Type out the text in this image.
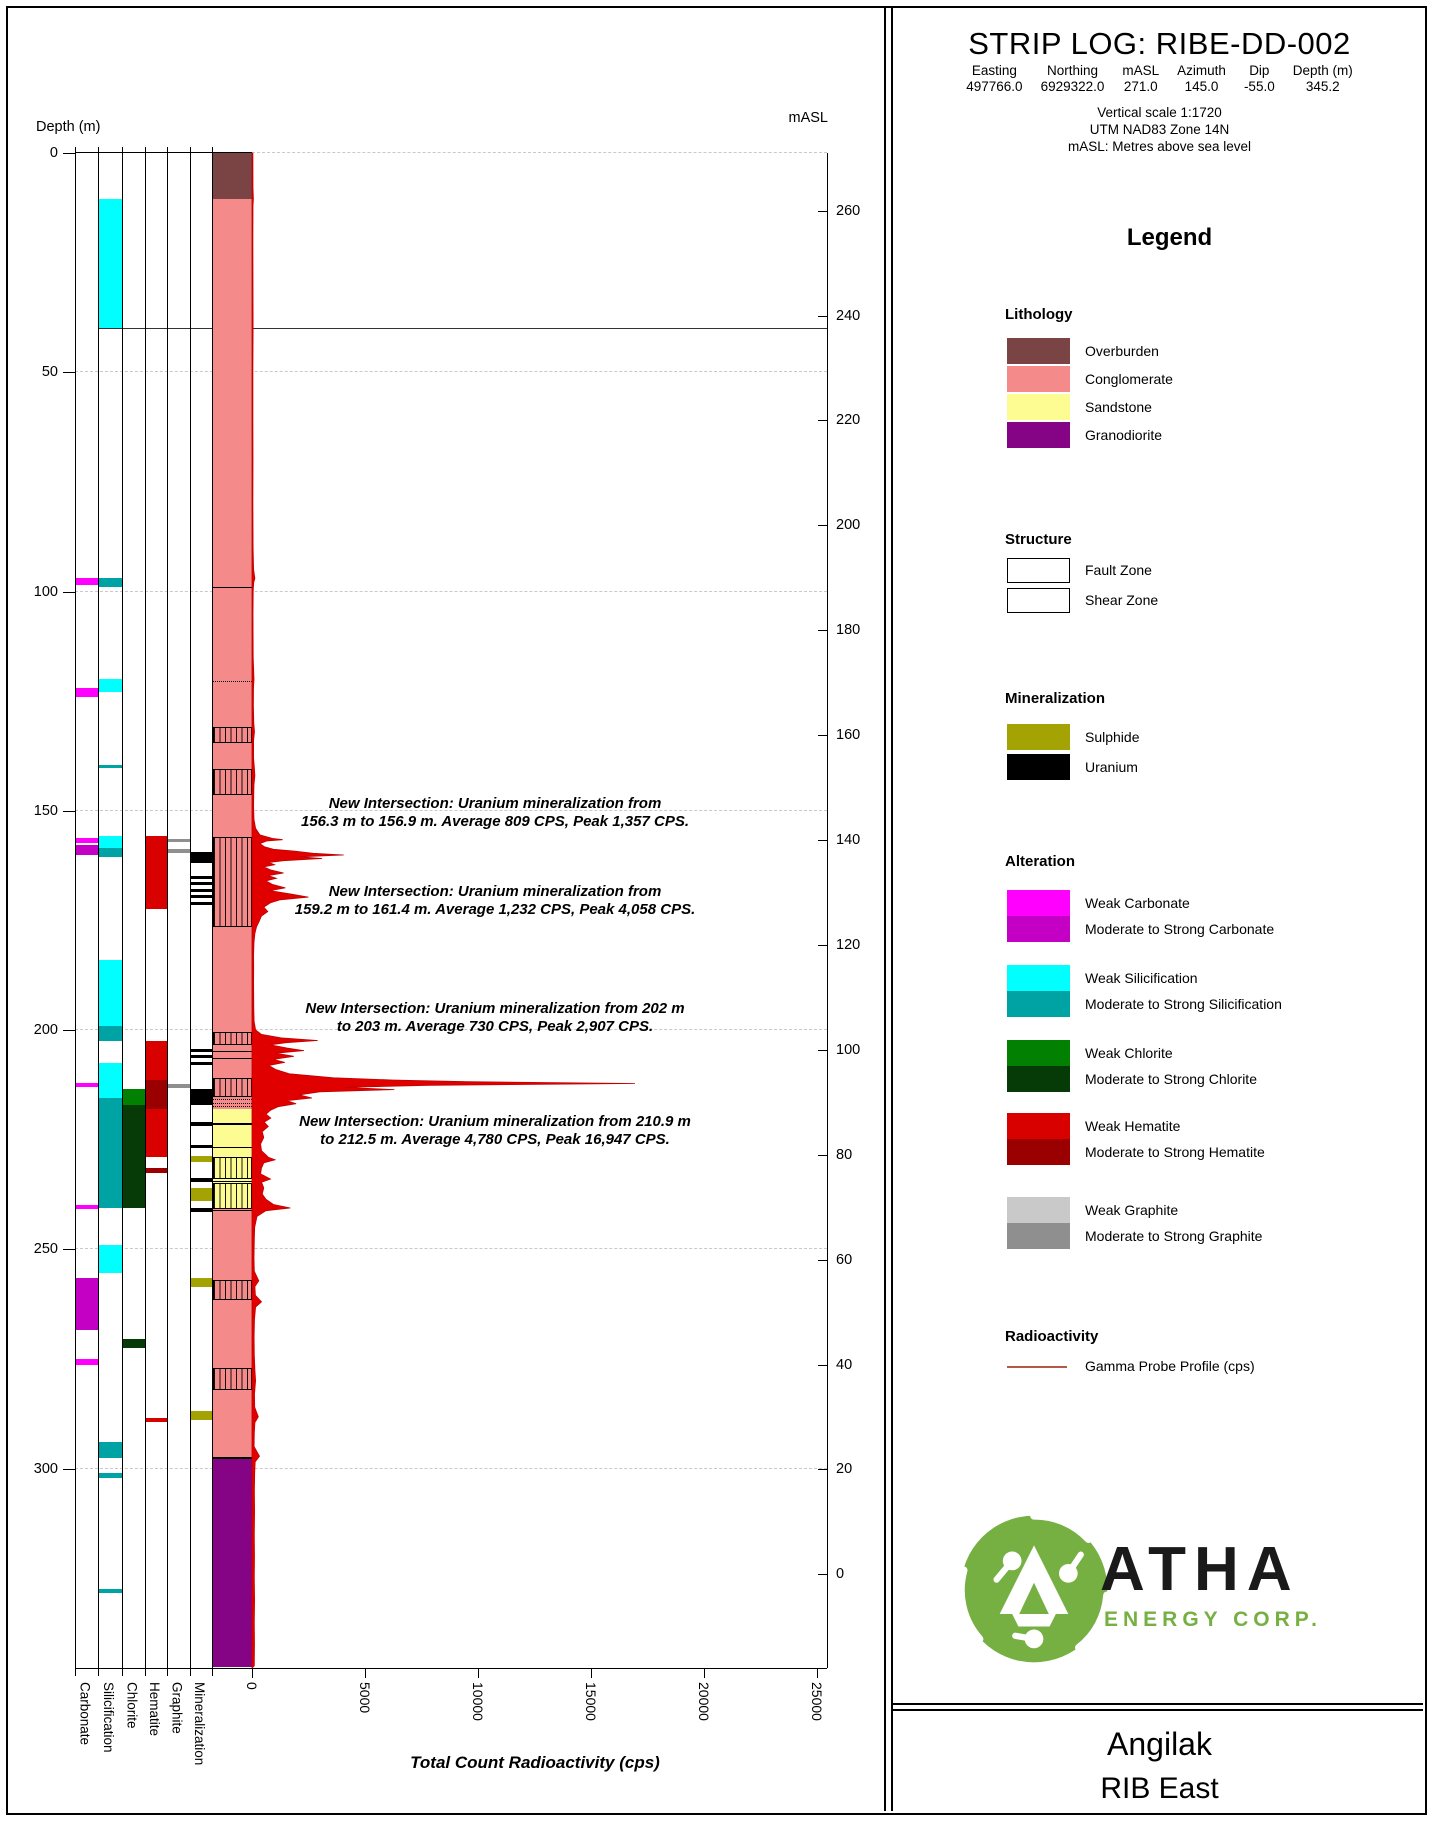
Depth (m)
mASL
0
50
100
150
200
250
300
260
240
220
200
180
160
140
120
100
80
60
40
20
0
0	5000	10000	15000	20000	25000
Carbonate Silicification Chlorite Hematite Graphite Mineralization
New Intersection: Uranium mineralization from
156.3 m to 156.9 m. Average 809 CPS, Peak 1,357 CPS.
New Intersection: Uranium mineralization from
159.2 m to 161.4 m. Average 1,232 CPS, Peak 4,058 CPS.
New Intersection: Uranium mineralization from 202 m
to 203 m. Average 730 CPS, Peak 2,907 CPS.
New Intersection: Uranium mineralization from 210.9 m
to 212.5 m. Average 4,780 CPS, Peak 16,947 CPS.
Total Count Radioactivity (cps)
STRIP LOG: RIBE-DD-002
Easting
497766.0
Northing
6929322.0
mASL
271.0
Azimuth
145.0
Dip
-55.0
Depth (m)
345.2
Vertical scale 1:1720
UTM NAD83 Zone 14N
mASL: Metres above sea level
Legend
Lithology
Overburden
Conglomerate
Sandstone
Granodiorite
Structure
Fault Zone
Shear Zone
Mineralization
Sulphide
Uranium
Alteration
Weak Carbonate
Moderate to Strong Carbonate
Weak Silicification
Moderate to Strong Silicification
Weak Chlorite
Moderate to Strong Chlorite
Weak Hematite
Moderate to Strong Hematite
Weak Graphite
Moderate to Strong Graphite
Radioactivity
Gamma Probe Profile (cps)
ATHA
ENERGY CORP.
Angilak
RIB East
